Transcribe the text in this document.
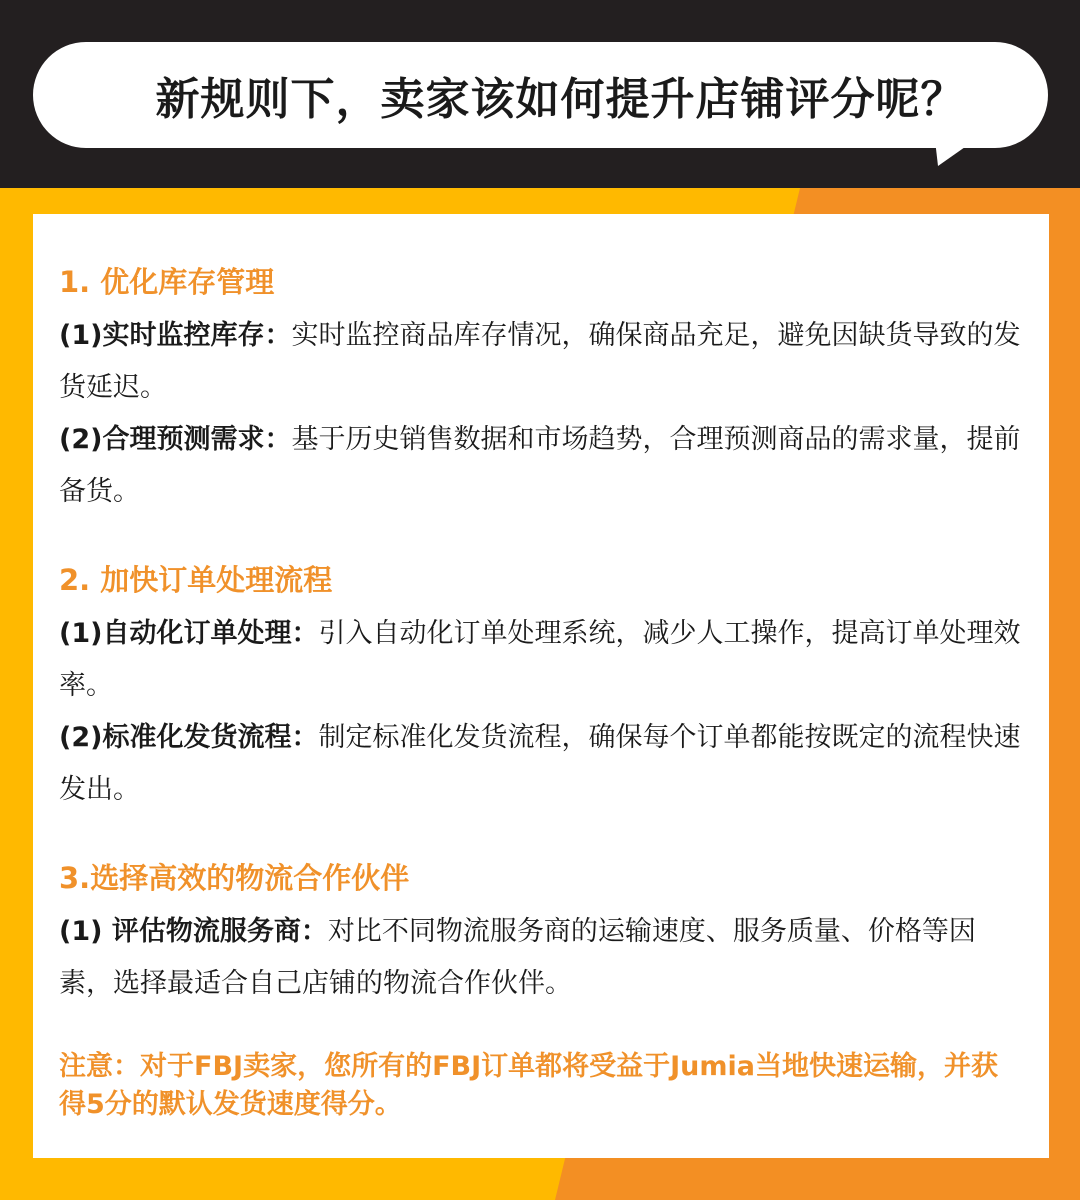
新规则下，卖家该如何提升店铺评分呢？
1. 优化库存管理

(1)实时监控库存：实时监控商品库存情况，确保商品充足，避免因缺货导致的发货延迟。

(2)合理预测需求：基于历史销售数据和市场趋势，合理预测商品的需求量，提前备货。

2. 加快订单处理流程

(1)自动化订单处理：引入自动化订单处理系统，减少人工操作，提高订单处理效率。

(2)标准化发货流程：制定标准化发货流程，确保每个订单都能按既定的流程快速发出。

3.选择高效的物流合作伙伴

(1) 评估物流服务商：对比不同物流服务商的运输速度、服务质量、价格等因素，选择最适合自己店铺的物流合作伙伴。

注意：对于FBJ卖家，您所有的FBJ订单都将受益于Jumia当地快速运输，并获得5分的默认发货速度得分。
